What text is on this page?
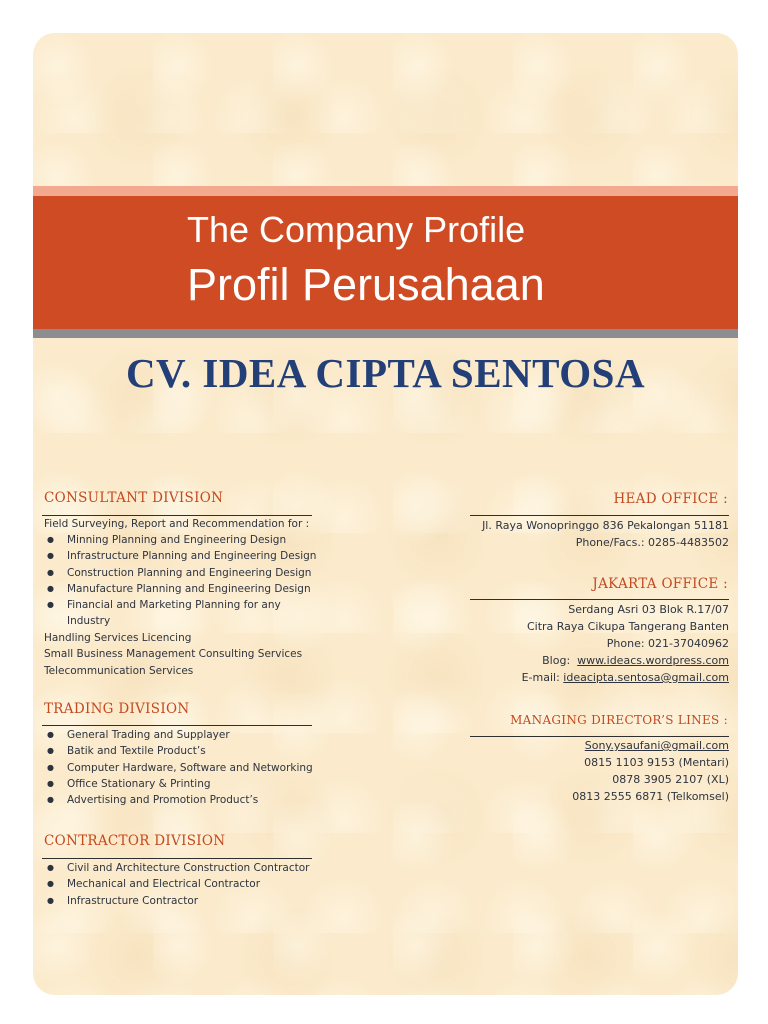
The Company Profile
Profil Perusahaan
CV. IDEA CIPTA SENTOSA
CONSULTANT DIVISION
Field Surveying, Report and Recommendation for :
● Minning Planning and Engineering Design
● Infrastructure Planning and Engineering Design
● Construction Planning and Engineering Design
● Manufacture Planning and Engineering Design
● Financial and Marketing Planning for any
Industry
Handling Services Licencing
Small Business Management Consulting Services
Telecommunication Services
TRADING DIVISION
● General Trading and Supplayer
● Batik and Textile Product’s
● Computer Hardware, Software and Networking
● Office Stationary & Printing
● Advertising and Promotion Product’s
CONTRACTOR DIVISION
● Civil and Architecture Construction Contractor
● Mechanical and Electrical Contractor
● Infrastructure Contractor
HEAD OFFICE :
Jl. Raya Wonopringgo 836 Pekalongan 51181
Phone/Facs.: 0285-4483502
JAKARTA OFFICE :
Serdang Asri 03 Blok R.17/07
Citra Raya Cikupa Tangerang Banten
Phone: 021-37040962
Blog: www.ideacs.wordpress.com
E-mail: ideacipta.sentosa@gmail.com
MANAGING DIRECTOR’S LINES :
Sony.ysaufani@gmail.com
0815 1103 9153 (Mentari)
0878 3905 2107 (XL)
0813 2555 6871 (Telkomsel)
